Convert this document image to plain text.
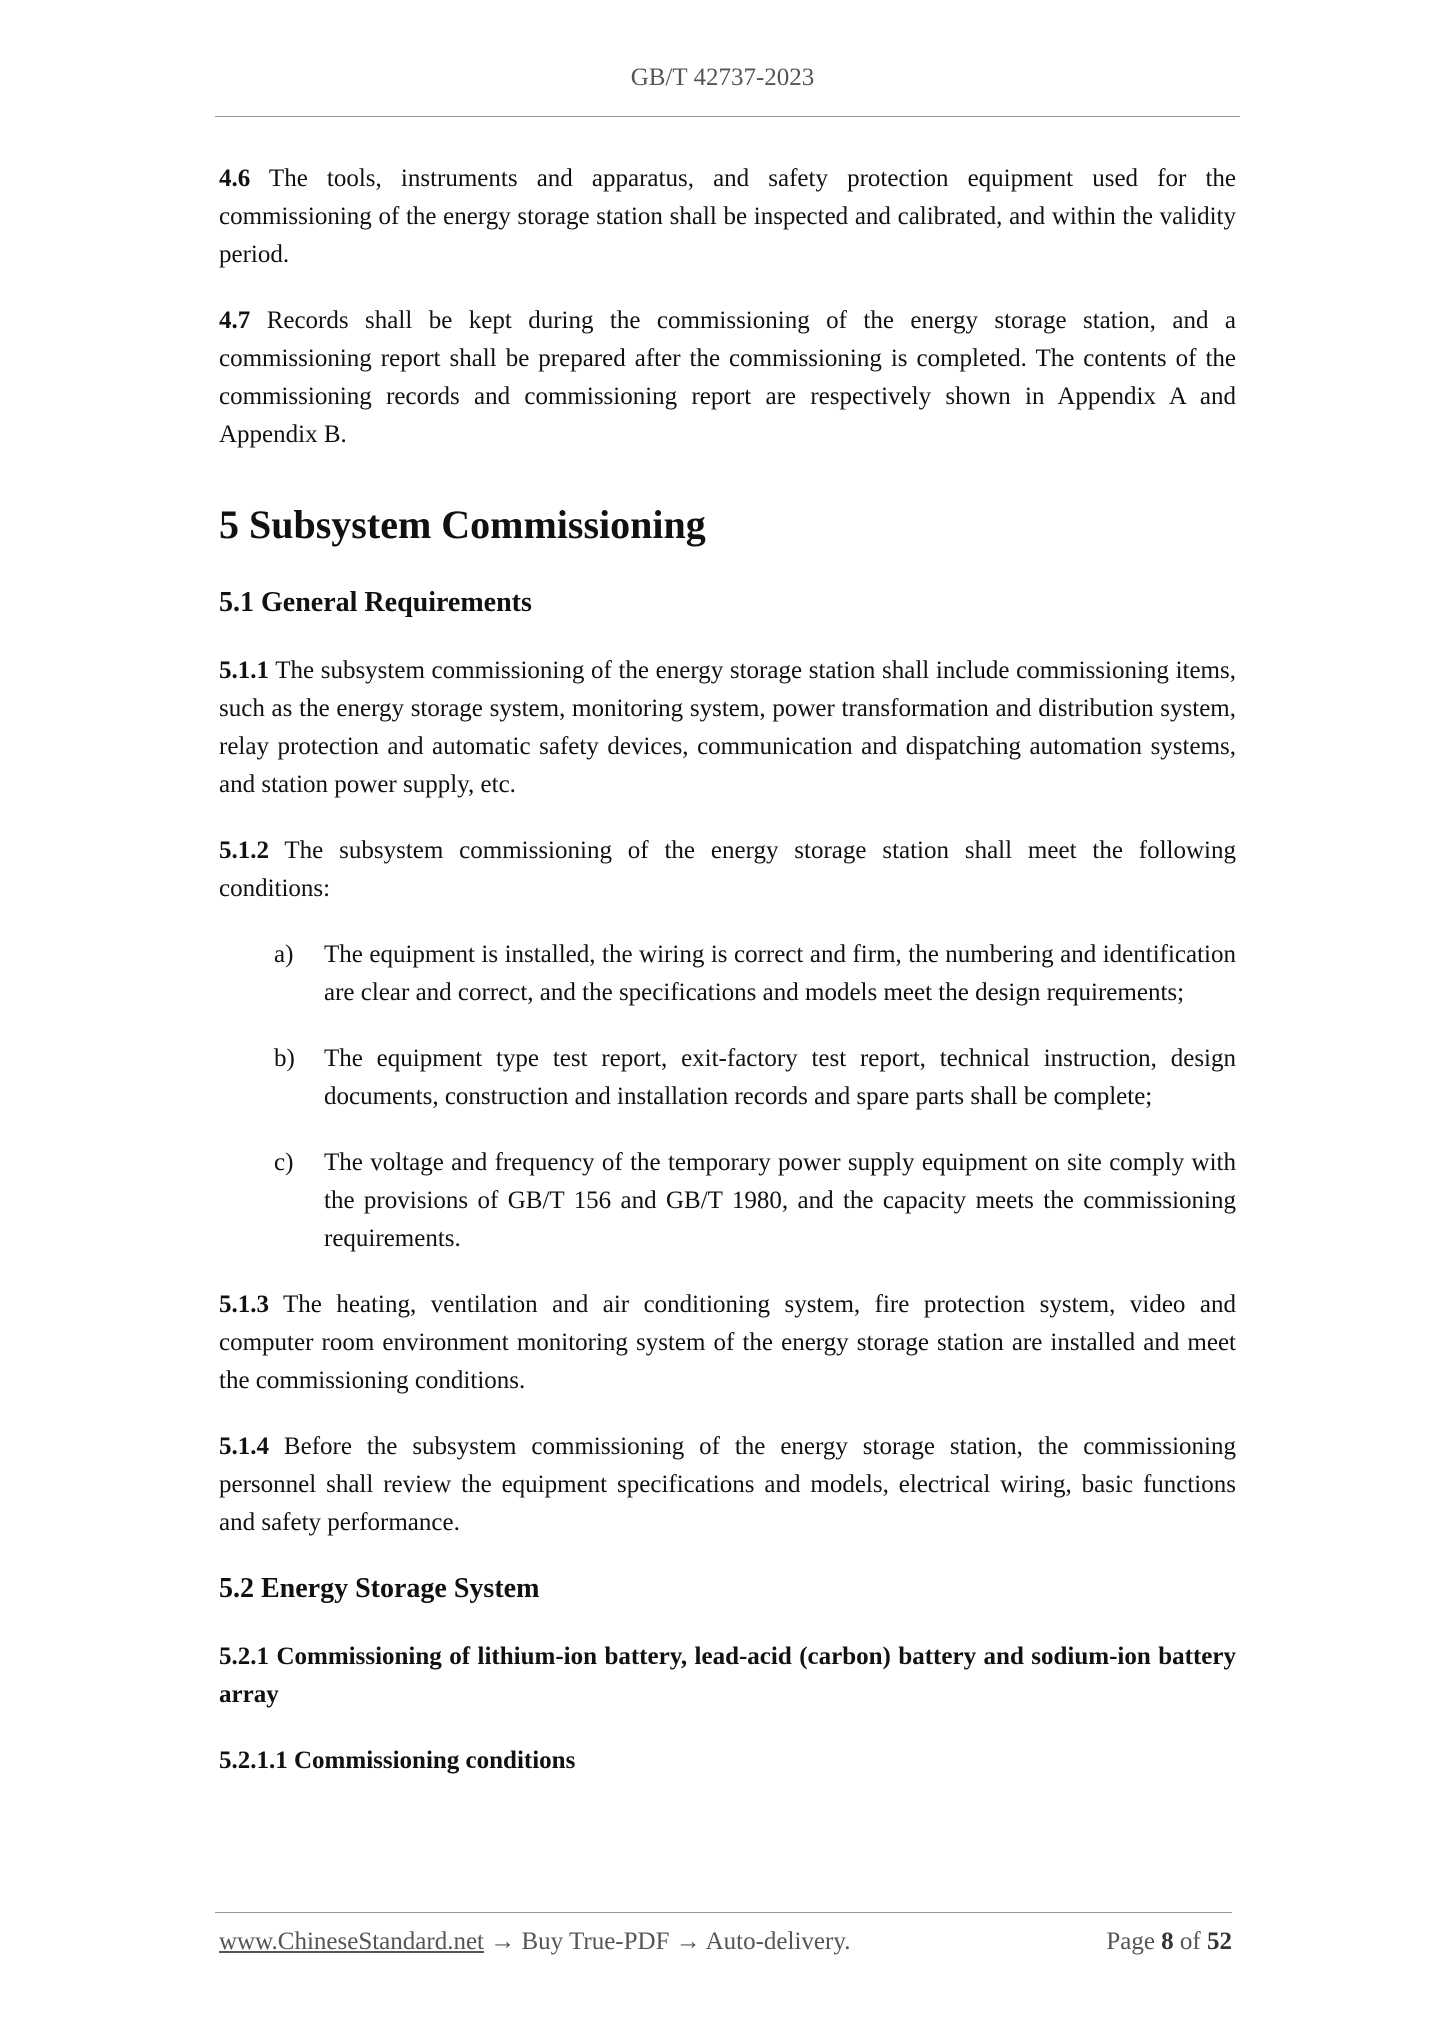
GB/T 42737-2023

4.6 The tools, instruments and apparatus, and safety protection equipment used for the commissioning of the energy storage station shall be inspected and calibrated, and within the validity period.

4.7 Records shall be kept during the commissioning of the energy storage station, and a commissioning report shall be prepared after the commissioning is completed. The contents of the commissioning records and commissioning report are respectively shown in Appendix A and Appendix B.

5 Subsystem Commissioning
5.1 General Requirements

5.1.1 The subsystem commissioning of the energy storage station shall include commissioning items, such as the energy storage system, monitoring system, power transformation and distribution system, relay protection and automatic safety devices, communication and dispatching automation systems, and station power supply, etc.

5.1.2 The subsystem commissioning of the energy storage station shall meet the following conditions:

a)	The equipment is installed, the wiring is correct and firm, the numbering and identification are clear and correct, and the specifications and models meet the design requirements;
b)	The equipment type test report, exit-factory test report, technical instruction, design documents, construction and installation records and spare parts shall be complete;
c)	The voltage and frequency of the temporary power supply equipment on site comply with the provisions of GB/T 156 and GB/T 1980, and the capacity meets the commissioning requirements.

5.1.3 The heating, ventilation and air conditioning system, fire protection system, video and computer room environment monitoring system of the energy storage station are installed and meet the commissioning conditions.

5.1.4 Before the subsystem commissioning of the energy storage station, the commissioning personnel shall review the equipment specifications and models, electrical wiring, basic functions and safety performance.

5.2 Energy Storage System

5.2.1 Commissioning of lithium-ion battery, lead-acid (carbon) battery and sodium-ion battery array

5.2.1.1 Commissioning conditions

www.ChineseStandard.net → Buy True-PDF → Auto-delivery.	Page 8 of 52
